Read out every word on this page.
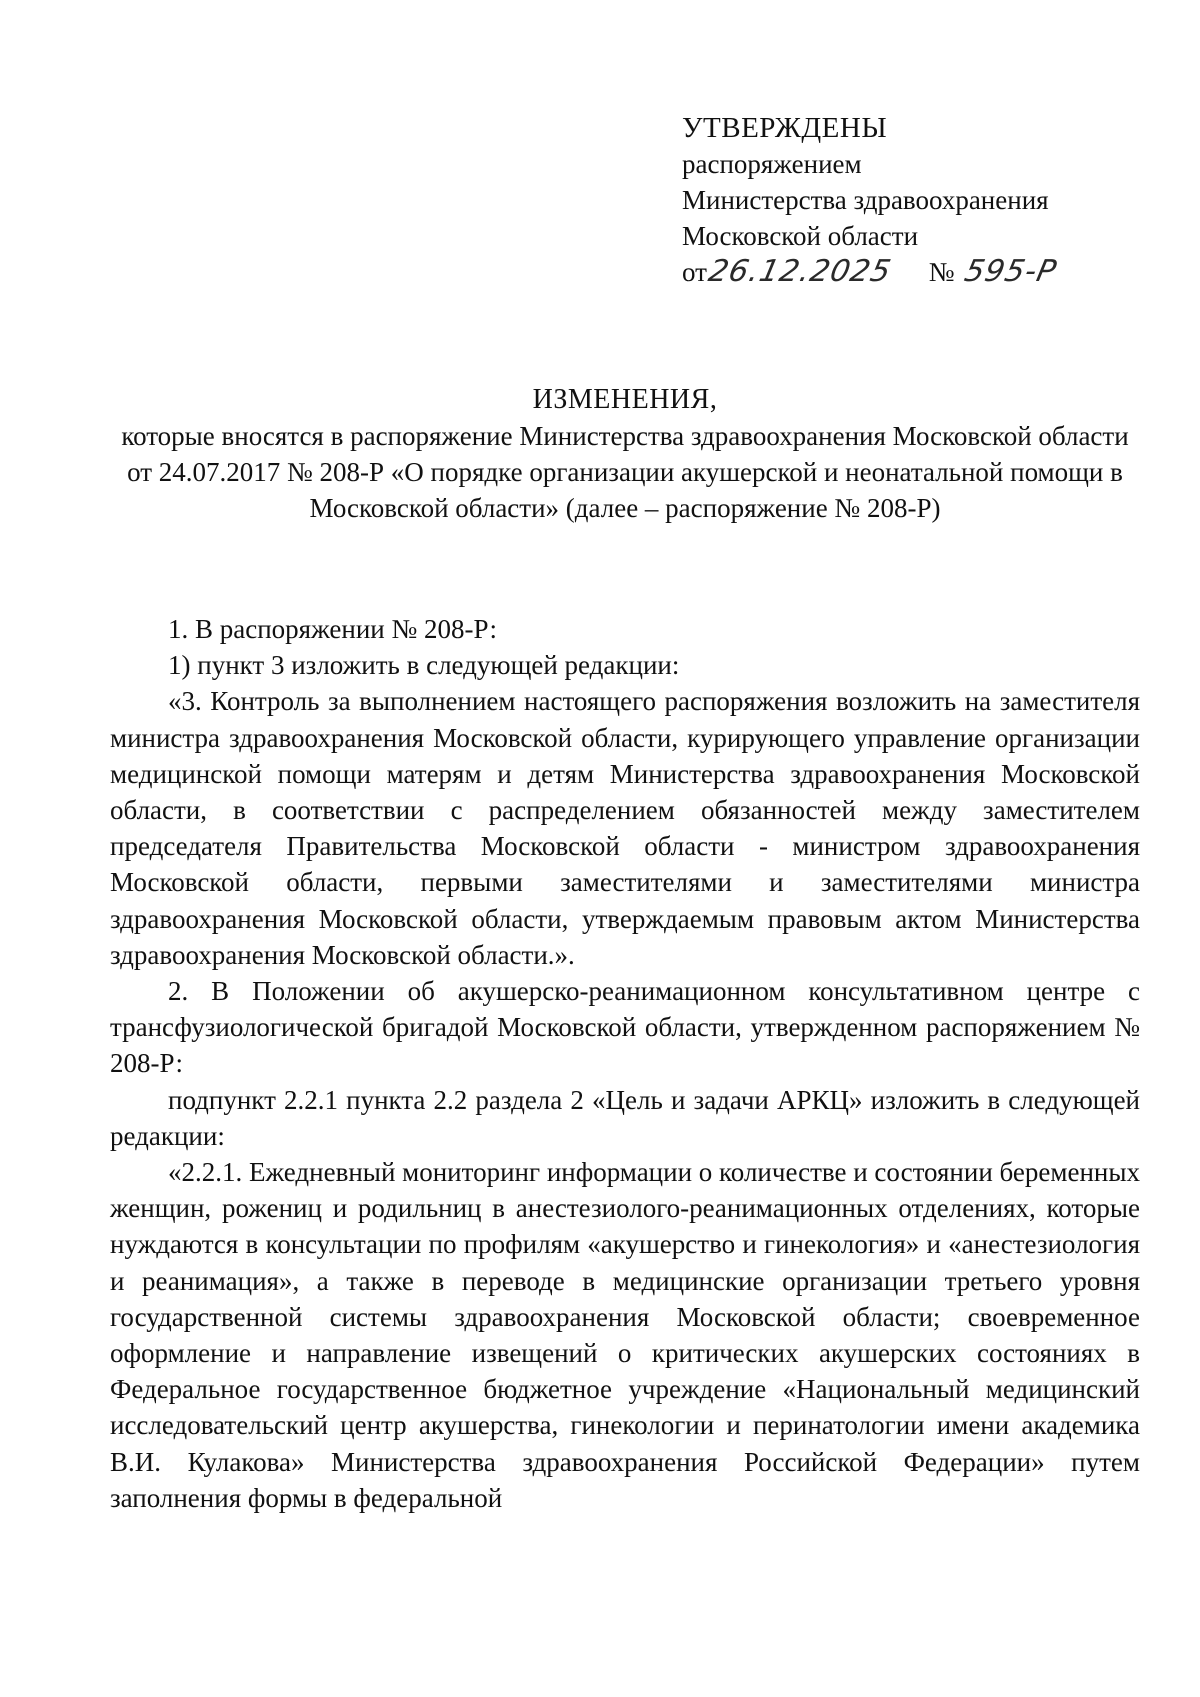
УТВЕРЖДЕНЫ
распоряжением
Министерства здравоохранения
Московской области
от26.12.2025 № 595-Р
ИЗМЕНЕНИЯ,
которые вносятся в распоряжение Министерства здравоохранения Московской области от 24.07.2017 № 208-Р «О порядке организации акушерской и неонатальной помощи в Московской области» (далее – распоряжение № 208-Р)

1. В распоряжении № 208-Р:

1) пункт 3 изложить в следующей редакции:

«3. Контроль за выполнением настоящего распоряжения возложить на заместителя министра здравоохранения Московской области, курирующего управление организации медицинской помощи матерям и детям Министерства здравоохранения Московской области, в соответствии с распределением обязанностей между заместителем председателя Правительства Московской области - министром здравоохранения Московской области, первыми заместителями и заместителями министра здравоохранения Московской области, утверждаемым правовым актом Министерства здравоохранения Московской области.».

2. В Положении об акушерско-реанимационном консультативном центре с трансфузиологической бригадой Московской области, утвержденном распоряжением № 208-Р:

подпункт 2.2.1 пункта 2.2 раздела 2 «Цель и задачи АРКЦ» изложить в следующей редакции:

«2.2.1. Ежедневный мониторинг информации о количестве и состоянии беременных женщин, рожениц и родильниц в анестезиолого-реанимационных отделениях, которые нуждаются в консультации по профилям «акушерство и гинекология» и «анестезиология и реанимация», а также в переводе в медицинские организации третьего уровня государственной системы здравоохранения Московской области; своевременное оформление и направление извещений о критических акушерских состояниях в Федеральное государственное бюджетное учреждение «Национальный медицинский исследовательский центр акушерства, гинекологии и перинатологии имени академика В.И. Кулакова» Министерства здравоохранения Российской Федерации» путем заполнения формы в федеральной
